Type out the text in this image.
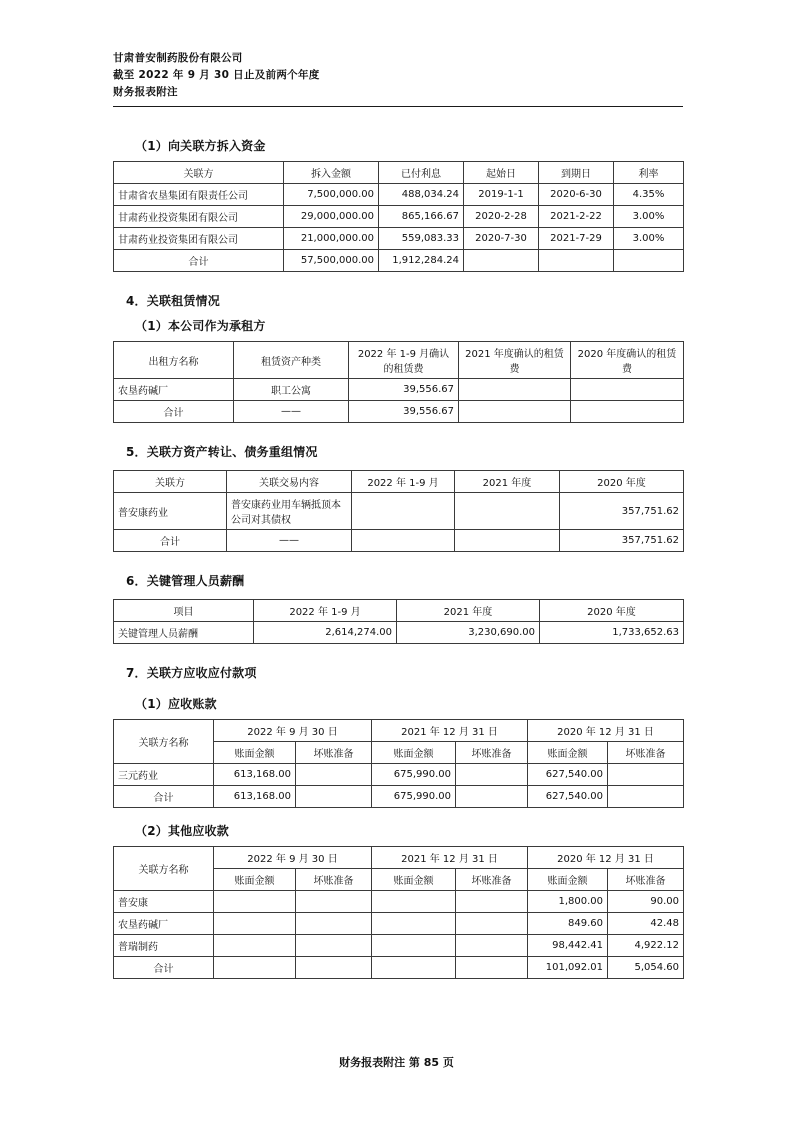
甘肃普安制药股份有限公司
截至 2022 年 9 月 30 日止及前两个年度
财务报表附注
（1）向关联方拆入资金
关联方	拆入金额	已付利息	起始日	到期日	利率
甘肃省农垦集团有限责任公司	7,500,000.00	488,034.24	2019-1-1	2020-6-30	4.35%
甘肃药业投资集团有限公司	29,000,000.00	865,166.67	2020-2-28	2021-2-22	3.00%
甘肃药业投资集团有限公司	21,000,000.00	559,083.33	2020-7-30	2021-7-29	3.00%
合计	57,500,000.00	1,912,284.24			
4．关联租赁情况
（1）本公司作为承租方
出租方名称	租赁资产种类	2022 年 1-9 月确认的租赁费	2021 年度确认的租赁费	2020 年度确认的租赁费
农垦药碱厂	职工公寓	39,556.67		
合计	——	39,556.67		
5．关联方资产转让、债务重组情况
关联方	关联交易内容	2022 年 1-9 月	2021 年度	2020 年度
普安康药业	普安康药业用车辆抵顶本公司对其债权			357,751.62
合计	——			357,751.62
6．关键管理人员薪酬
项目	2022 年 1-9 月	2021 年度	2020 年度
关键管理人员薪酬	2,614,274.00	3,230,690.00	1,733,652.63
7．关联方应收应付款项
（1）应收账款
关联方名称	2022 年 9 月 30 日		2021 年 12 月 31 日		2020 年 12 月 31 日	
	账面金额	坏账准备	账面金额	坏账准备	账面金额	坏账准备
三元药业	613,168.00		675,990.00		627,540.00	
合计	613,168.00		675,990.00		627,540.00	
（2）其他应收款
关联方名称	2022 年 9 月 30 日		2021 年 12 月 31 日		2020 年 12 月 31 日	
	账面金额	坏账准备	账面金额	坏账准备	账面金额	坏账准备
普安康					1,800.00	90.00
农垦药碱厂					849.60	42.48
普瑞制药					98,442.41	4,922.12
合计					101,092.01	5,054.60
财务报表附注 第 85 页
